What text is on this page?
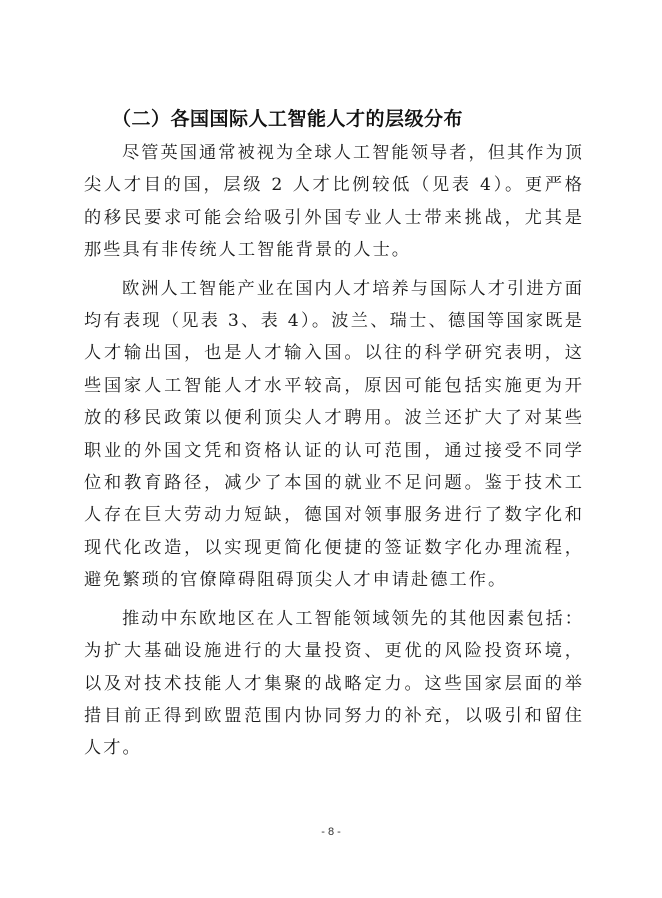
（二）各国国际人工智能人才的层级分布

尽管英国通常被视为全球人工智能领导者，但其作为顶尖人才目的国，层级 2 人才比例较低（见表 4）。更严格的移民要求可能会给吸引外国专业人士带来挑战，尤其是那些具有非传统人工智能背景的人士。

欧洲人工智能产业在国内人才培养与国际人才引进方面均有表现（见表 3、表 4）。波兰、瑞士、德国等国家既是人才输出国，也是人才输入国。以往的科学研究表明，这些国家人工智能人才水平较高，原因可能包括实施更为开放的移民政策以便利顶尖人才聘用。波兰还扩大了对某些职业的外国文凭和资格认证的认可范围，通过接受不同学位和教育路径，减少了本国的就业不足问题。鉴于技术工人存在巨大劳动力短缺，德国对领事服务进行了数字化和现代化改造，以实现更简化便捷的签证数字化办理流程，避免繁琐的官僚障碍阻碍顶尖人才申请赴德工作。

推动中东欧地区在人工智能领域领先的其他因素包括：为扩大基础设施进行的大量投资、更优的风险投资环境，以及对技术技能人才集聚的战略定力。这些国家层面的举措目前正得到欧盟范围内协同努力的补充，以吸引和留住人才。

- 8 -
